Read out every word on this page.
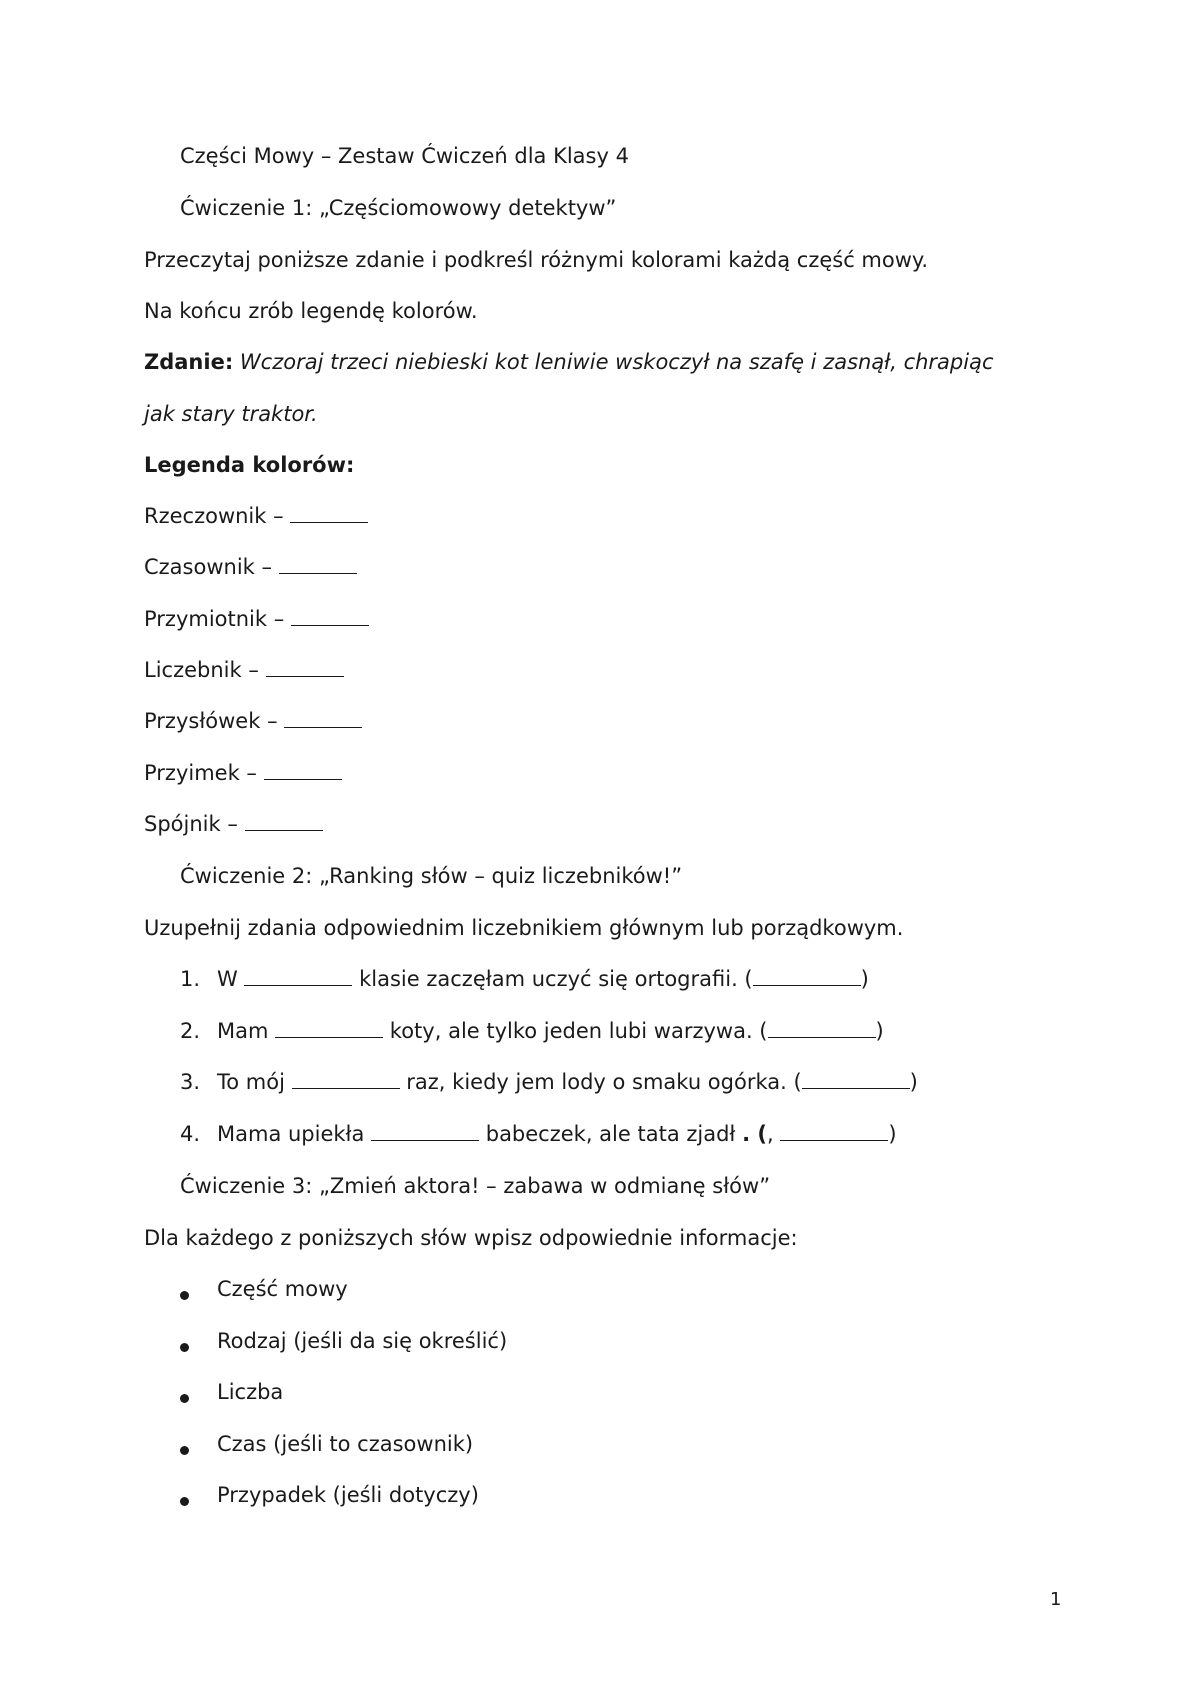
Części Mowy – Zestaw Ćwiczeń dla Klasy 4
Ćwiczenie 1: „Częściomowowy detektyw”
Przeczytaj poniższe zdanie i podkreśl różnymi kolorami każdą część mowy.
Na końcu zrób legendę kolorów.
Zdanie: Wczoraj trzeci niebieski kot leniwie wskoczył na szafę i zasnął, chrapiąc
jak stary traktor.
Legenda kolorów:
Rzeczownik –
Czasownik –
Przymiotnik –
Liczebnik –
Przysłówek –
Przyimek –
Spójnik –
Ćwiczenie 2: „Ranking słów – quiz liczebników!”
Uzupełnij zdania odpowiednim liczebnikiem głównym lub porządkowym.
1. W	klasie zaczęłam uczyć się ortografii. (	)
2. Mam	koty, ale tylko jeden lubi warzywa. (	)
3. To mój	raz, kiedy jem lody o smaku ogórka. (	)
4. Mama upiekła	babeczek, ale tata zjadł . (,	)
Ćwiczenie 3: „Zmień aktora! – zabawa w odmianę słów”
Dla każdego z poniższych słów wpisz odpowiednie informacje:
Część mowy
Rodzaj (jeśli da się określić)
Liczba
Czas (jeśli to czasownik)
Przypadek (jeśli dotyczy)
1
